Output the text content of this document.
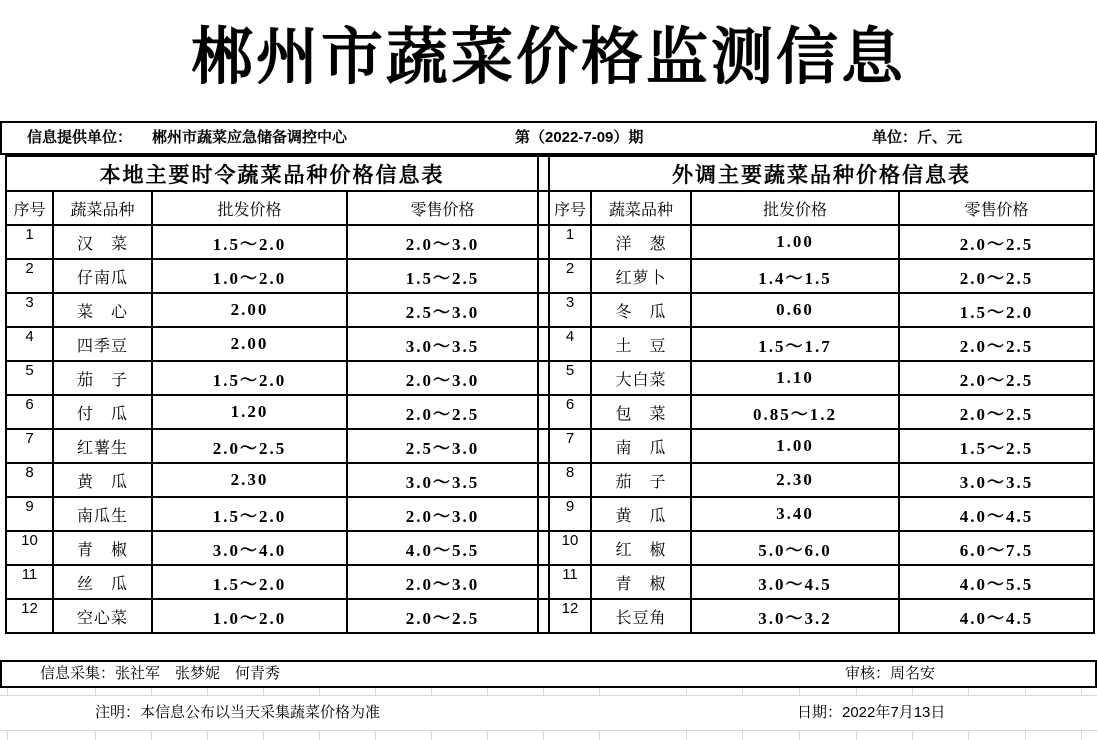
郴州市蔬菜价格监测信息
信息提供单位： 郴州市蔬菜应急储备调控中心	第（2022-7-09）期	单位：斤、元
本地主要时令蔬菜品种价格信息表					外调主要蔬菜品种价格信息表			
序号	蔬菜品种	批发价格	零售价格		序号	蔬菜品种	批发价格	零售价格
1	汉　菜	1.5～2.0	2.0～3.0		1	洋　葱	1.00	2.0～2.5
2	仔南瓜	1.0～2.0	1.5～2.5		2	红萝卜	1.4～1.5	2.0～2.5
3	菜　心	2.00	2.5～3.0		3	冬　瓜	0.60	1.5～2.0
4	四季豆	2.00	3.0～3.5		4	土　豆	1.5～1.7	2.0～2.5
5	茄　子	1.5～2.0	2.0～3.0		5	大白菜	1.10	2.0～2.5
6	付　瓜	1.20	2.0～2.5		6	包　菜	0.85～1.2	2.0～2.5
7	红薯生	2.0～2.5	2.5～3.0		7	南　瓜	1.00	1.5～2.5
8	黄　瓜	2.30	3.0～3.5		8	茄　子	2.30	3.0～3.5
9	南瓜生	1.5～2.0	2.0～3.0		9	黄　瓜	3.40	4.0～4.5
10	青　椒	3.0～4.0	4.0～5.5		10	红　椒	5.0～6.0	6.0～7.5
11	丝　瓜	1.5～2.0	2.0～3.0		11	青　椒	3.0～4.5	4.0～5.5
12	空心菜	1.0～2.0	2.0～2.5		12	长豆角	3.0～3.2	4.0～4.5
信息采集：张社军　张梦妮　何青秀	审核：周名安
注明：本信息公布以当天采集蔬菜价格为准	日期：2022年7月13日
